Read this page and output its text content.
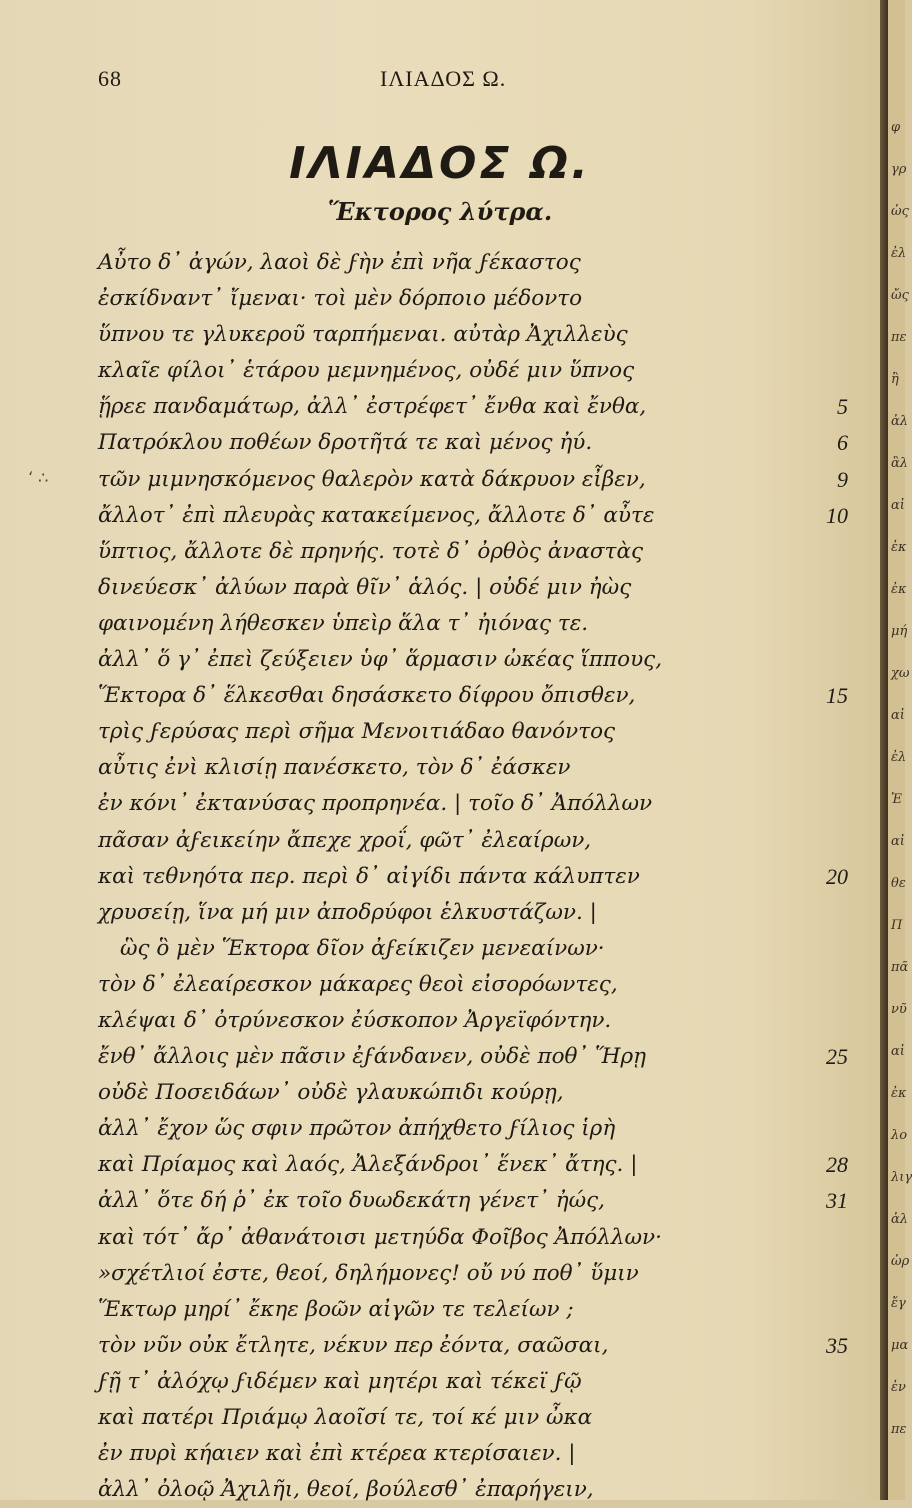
68	ΙΛΙΑΔΟΣ Ω.
ΙΛΙΑΔΟΣ Ω.
Ἕκτορος λύτρα.
‘ ∴
Αὖτο δ᾽ ἀγών, λαοὶ δὲ ϝὴν ἐπὶ νῆα ϝέκαστος
ἐσκίδναντ᾽ ἴμεναι· τοὶ μὲν δόρποιο μέδοντο
ὕπνου τε γλυκεροῦ ταρπήμεναι. αὐτὰρ Ἀχιλλεὺς
κλαῖε φίλοι᾽ ἑτάρου μεμνημένος, οὐδέ μιν ὕπνος
ᾕρεε πανδαμάτωρ, ἀλλ᾽ ἐστρέφετ᾽ ἔνθα καὶ ἔνθα,	5
Πατρόκλου ποθέων δροτῆτά τε καὶ μένος ἠύ.	6
τῶν μιμνησκόμενος θαλερὸν κατὰ δάκρυον εἶβεν,	9
ἄλλοτ᾽ ἐπὶ πλευρὰς κατακείμενος, ἄλλοτε δ᾽ αὖτε	10
ὕπτιος, ἄλλοτε δὲ πρηνής. τοτὲ δ᾽ ὀρθὸς ἀναστὰς
δινεύεσκ᾽ ἀλύων παρὰ θῖν᾽ ἁλός. | οὐδέ μιν ἠὼς
φαινομένη λήθεσκεν ὑπεὶρ ἅλα τ᾽ ἠιόνας τε.
ἀλλ᾽ ὅ γ᾽ ἐπεὶ ζεύξειεν ὑφ᾽ ἅρμασιν ὠκέας ἵππους,
Ἕκτορα δ᾽ ἕλκεσθαι δησάσκετο δίφρου ὄπισθεν,	15
τρὶς ϝερύσας περὶ σῆμα Μενοιτιάδαο θανόντος
αὖτις ἐνὶ κλισίῃ πανέσκετο, τὸν δ᾽ ἐάσκεν
ἐν κόνι᾽ ἐκτανύσας προπρηνέα. | τοῖο δ᾽ Ἀπόλλων
πᾶσαν ἀϝεικείην ἄπεχε χροΐ, φῶτ᾽ ἐλεαίρων,
καὶ τεθνηότα περ. περὶ δ᾽ αἰγίδι πάντα κάλυπτεν	20
χρυσείῃ, ἵνα μή μιν ἀποδρύφοι ἑλκυστάζων. |
ὣς ὃ μὲν Ἕκτορα δῖον ἀϝείκιζεν μενεαίνων·
τὸν δ᾽ ἐλεαίρεσκον μάκαρες θεοὶ εἰσορόωντες,
κλέψαι δ᾽ ὀτρύνεσκον ἐύσκοπον Ἀργεϊφόντην.
ἔνθ᾽ ἄλλοις μὲν πᾶσιν ἐϝάνδανεν, οὐδὲ ποθ᾽ Ἥρῃ	25
οὐδὲ Ποσειδάων᾽ οὐδὲ γλαυκώπιδι κούρῃ,
ἀλλ᾽ ἔχον ὥς σφιν πρῶτον ἀπήχθετο ϝίλιος ἱρὴ
καὶ Πρίαμος καὶ λαός, Ἀλεξάνδροι᾽ ἕνεκ᾽ ἄτης. |	28
ἀλλ᾽ ὅτε δή ῥ᾽ ἐκ τοῖο δυωδεκάτη γένετ᾽ ἠώς,	31
καὶ τότ᾽ ἄρ᾽ ἀθανάτοισι μετηύδα Φοῖβος Ἀπόλλων·
»σχέτλιοί ἐστε, θεοί, δηλήμονες! οὔ νύ ποθ᾽ ὕμιν
Ἕκτωρ μηρί᾽ ἔκηε βοῶν αἰγῶν τε τελείων ;
τὸν νῦν οὐκ ἔτλητε, νέκυν περ ἐόντα, σαῶσαι,	35
ϝῇ τ᾽ ἀλόχῳ ϝιδέμεν καὶ μητέρι καὶ τέκεϊ ϝῷ
καὶ πατέρι Πριάμῳ λαοῖσί τε, τοί κέ μιν ὦκα
ἐν πυρὶ κήαιεν καὶ ἐπὶ κτέρεα κτερίσαιεν. |
ἀλλ᾽ ὀλοῷ Ἀχιλῆι, θεοί, βούλεσθ᾽ ἐπαρήγειν,
φ
γρ
ὡς
ἐλ
ὤς
πε
ἢ
ἀλ
ἂλ
αἱ
ἐκ
ἐκ
μή
χω
αἱ
ἐλ
Ἐ
αἰ
θε
Π
πᾶ
νῦ
αἱ
ἐκ
λο
λιγ
ἀλ
ὡρ
ἔγ
μα
ἐν
πε
